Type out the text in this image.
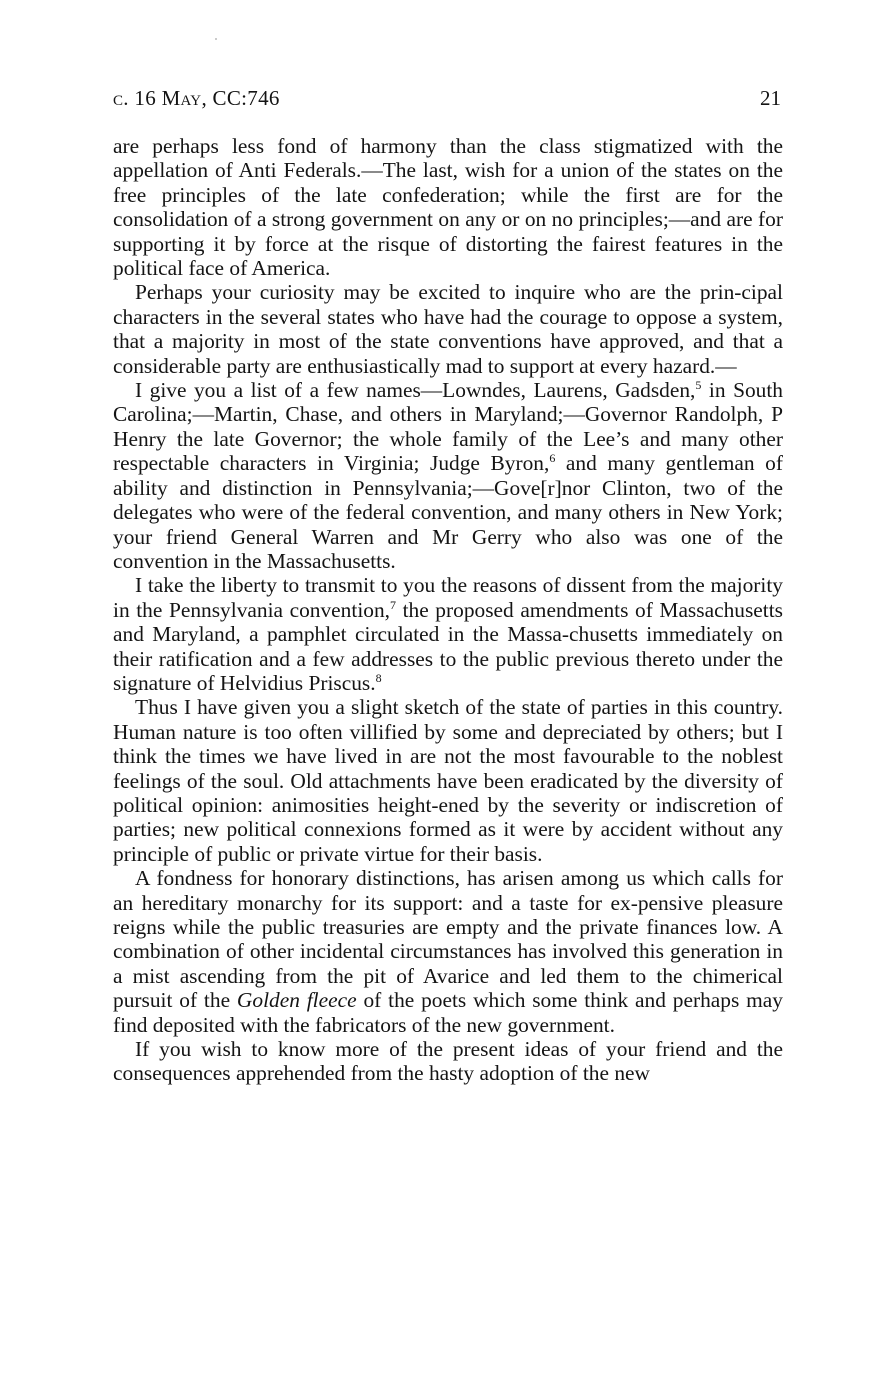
c. 16 May, CC:746	21

are perhaps less fond of harmony than the class stigmatized with the appellation of Anti Federals.—The last, wish for a union of the states on the free principles of the late confederation; while the first are for the consolidation of a strong government on any or on no principles;—and are for supporting it by force at the risque of distorting the fairest features in the political face of America.

Perhaps your curiosity may be excited to inquire who are the prin-cipal characters in the several states who have had the courage to oppose a system, that a majority in most of the state conventions have approved, and that a considerable party are enthusiastically mad to support at every hazard.—

I give you a list of a few names—Lowndes, Laurens, Gadsden,$^5$ in South Carolina;—Martin, Chase, and others in Maryland;—Governor Randolph, P Henry the late Governor; the whole family of the Lee’s and many other respectable characters in Virginia; Judge Byron,$^6$ and many gentleman of ability and distinction in Pennsylvania;—Gove[r]nor Clinton, two of the delegates who were of the federal convention, and many others in New York; your friend General Warren and Mr Gerry who also was one of the convention in the Massachusetts.

I take the liberty to transmit to you the reasons of dissent from the majority in the Pennsylvania convention,$^7$ the proposed amendments of Massachusetts and Maryland, a pamphlet circulated in the Massa-chusetts immediately on their ratification and a few addresses to the public previous thereto under the signature of Helvidius Priscus.$^8$

Thus I have given you a slight sketch of the state of parties in this country. Human nature is too often villified by some and depreciated by others; but I think the times we have lived in are not the most favourable to the noblest feelings of the soul. Old attachments have been eradicated by the diversity of political opinion: animosities height-ened by the severity or indiscretion of parties; new political connexions formed as it were by accident without any principle of public or private virtue for their basis.

A fondness for honorary distinctions, has arisen among us which calls for an hereditary monarchy for its support: and a taste for ex-pensive pleasure reigns while the public treasuries are empty and the private finances low. A combination of other incidental circumstances has involved this generation in a mist ascending from the pit of Avarice and led them to the chimerical pursuit of the Golden fleece of the poets which some think and perhaps may find deposited with the fabricators of the new government.

If you wish to know more of the present ideas of your friend and the consequences apprehended from the hasty adoption of the new
